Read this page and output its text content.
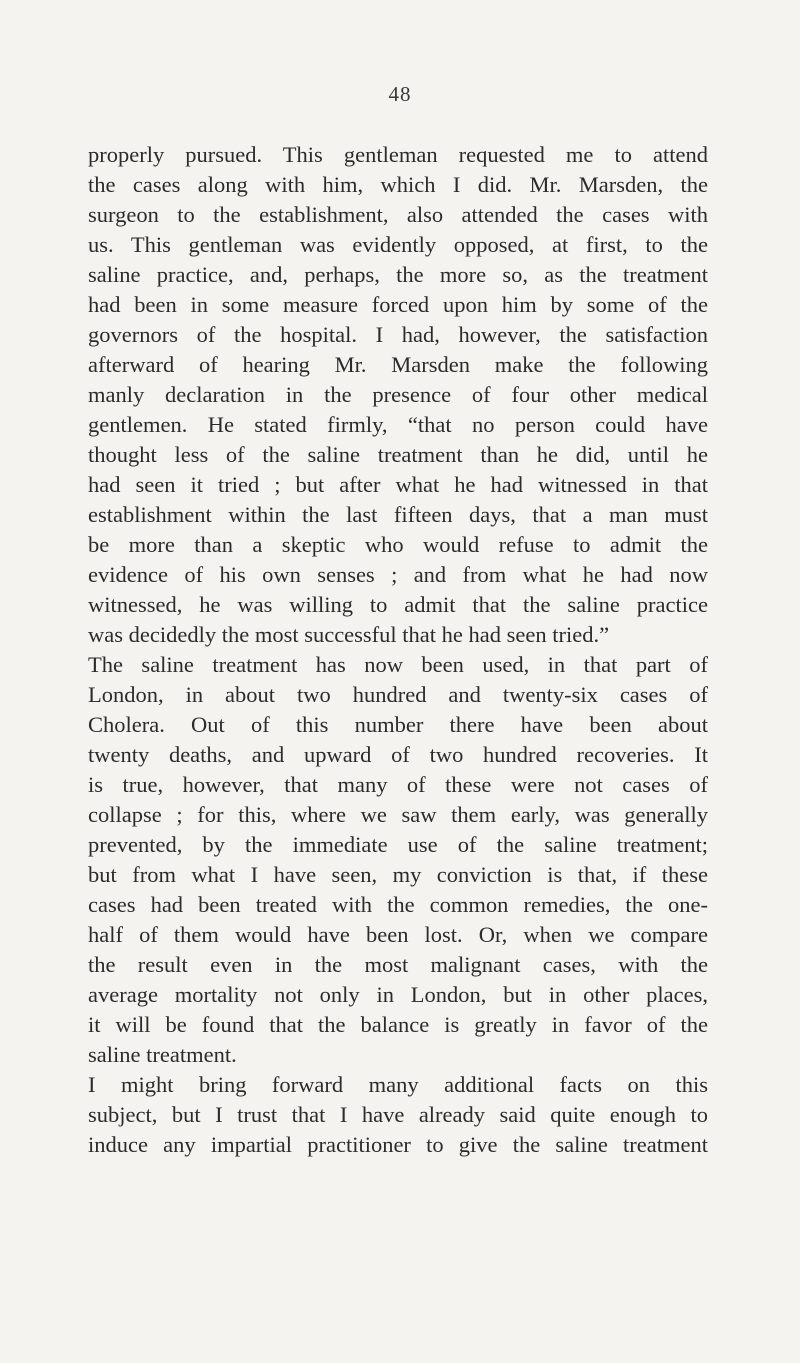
48
properly pursued. This gentleman requested me to attend
the cases along with him, which I did. Mr. Marsden, the
surgeon to the establishment, also attended the cases with
us. This gentleman was evidently opposed, at first, to the
saline practice, and, perhaps, the more so, as the treatment
had been in some measure forced upon him by some of the
governors of the hospital. I had, however, the satisfaction
afterward of hearing Mr. Marsden make the following
manly declaration in the presence of four other medical
gentlemen. He stated firmly, “that no person could have
thought less of the saline treatment than he did, until he
had seen it tried ; but after what he had witnessed in that
establishment within the last fifteen days, that a man must
be more than a skeptic who would refuse to admit the
evidence of his own senses ; and from what he had now
witnessed, he was willing to admit that the saline practice
was decidedly the most successful that he had seen tried.”
The saline treatment has now been used, in that part of
London, in about two hundred and twenty-six cases of
Cholera. Out of this number there have been about
twenty deaths, and upward of two hundred recoveries. It
is true, however, that many of these were not cases of
collapse ; for this, where we saw them early, was generally
prevented, by the immediate use of the saline treatment;
but from what I have seen, my conviction is that, if these
cases had been treated with the common remedies, the one-
half of them would have been lost. Or, when we compare
the result even in the most malignant cases, with the
average mortality not only in London, but in other places,
it will be found that the balance is greatly in favor of the
saline treatment.
I might bring forward many additional facts on this
subject, but I trust that I have already said quite enough to
induce any impartial practitioner to give the saline treatment
